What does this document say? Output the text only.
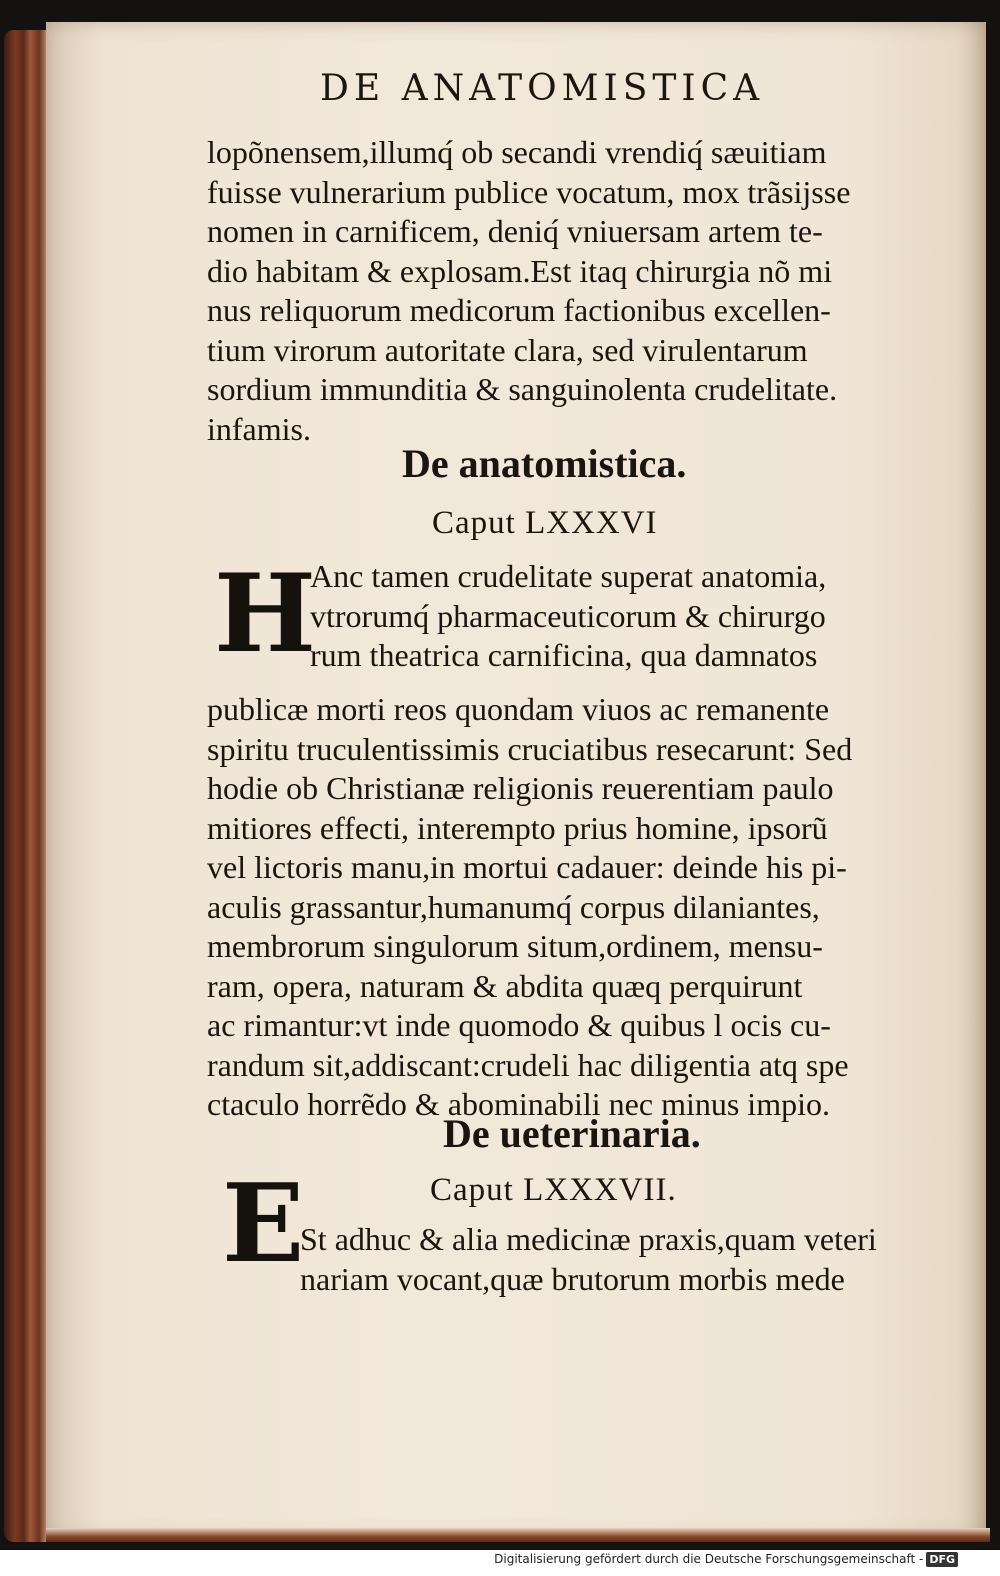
DE ANATOMISTICA
lopõnensem,illumq́ ob secandi vrendiq́ sæuitiam
fuisse vulnerarium publice vocatum, mox trãsijsse
nomen in carnificem, deniq́ vniuersam artem te-
dio habitam & explosam.Est itaq chirurgia nõ mi
nus reliquorum medicorum factionibus excellen-
tium virorum autoritate clara, sed virulentarum
sordium immunditia & sanguinolenta crudelitate.
infamis.
De anatomistica.
Caput LXXXVI
H
Anc tamen crudelitate superat anatomia,
vtrorumq́ pharmaceuticorum & chirurgo
rum theatrica carnificina, qua damnatos
publicæ morti reos quondam viuos ac remanente
spiritu truculentissimis cruciatibus resecarunt: Sed
hodie ob Christianæ religionis reuerentiam paulo
mitiores effecti, interempto prius homine, ipsorũ
vel lictoris manu,in mortui cadauer: deinde his pi-
aculis grassantur,humanumq́ corpus dilaniantes,
membrorum singulorum situm,ordinem, mensu-
ram, opera, naturam & abdita quæq perquirunt
ac rimantur:vt inde quomodo & quibus l ocis cu-
randum sit,addiscant:crudeli hac diligentia atq spe
ctaculo horrẽdo & abominabili nec minus impio.
De ueterinaria.
Caput LXXXVII.
E
St adhuc & alia medicinæ praxis,quam veteri
nariam vocant,quæ brutorum morbis mede
Digitalisierung gefördert durch die Deutsche Forschungsgemeinschaft - DFG
